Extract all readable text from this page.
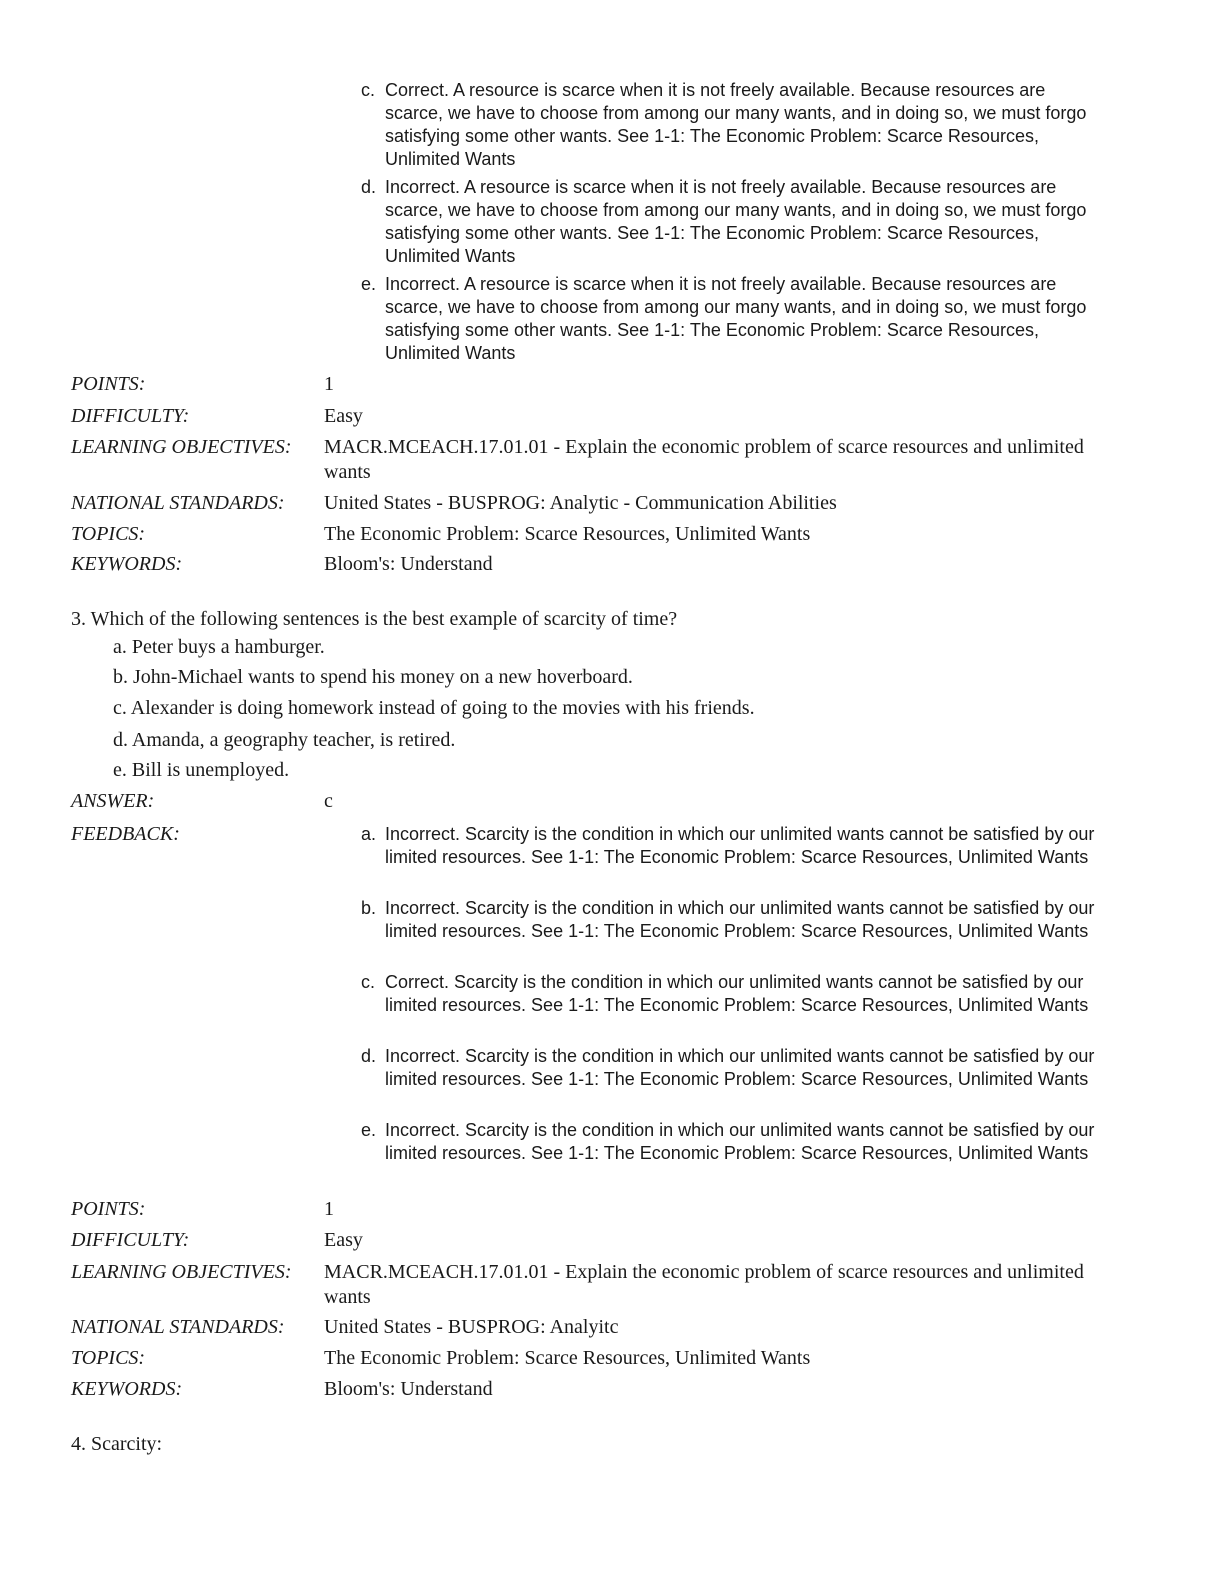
c. Correct. A resource is scarce when it is not freely available. Because resources are scarce, we have to choose from among our many wants, and in doing so, we must forgo satisfying some other wants. See 1-1: The Economic Problem: Scarce Resources, Unlimited Wants
d. Incorrect. A resource is scarce when it is not freely available. Because resources are scarce, we have to choose from among our many wants, and in doing so, we must forgo satisfying some other wants. See 1-1: The Economic Problem: Scarce Resources, Unlimited Wants
e. Incorrect. A resource is scarce when it is not freely available. Because resources are scarce, we have to choose from among our many wants, and in doing so, we must forgo satisfying some other wants. See 1-1: The Economic Problem: Scarce Resources, Unlimited Wants
POINTS:	1
DIFFICULTY:	Easy
LEARNING OBJECTIVES: MACR.MCEACH.17.01.01 - Explain the economic problem of scarce resources and unlimited wants
NATIONAL STANDARDS: United States - BUSPROG: Analytic - Communication Abilities
TOPICS:	The Economic Problem: Scarce Resources, Unlimited Wants
KEYWORDS:	Bloom's: Understand
3. Which of the following sentences is the best example of scarcity of time?
a. Peter buys a hamburger.
b. John-Michael wants to spend his money on a new hoverboard.
c. Alexander is doing homework instead of going to the movies with his friends.
d. Amanda, a geography teacher, is retired.
e. Bill is unemployed.
ANSWER:	c
FEEDBACK:	a. Incorrect. Scarcity is the condition in which our unlimited wants cannot be satisfied by our limited resources. See 1-1: The Economic Problem: Scarce Resources, Unlimited Wants
b. Incorrect. Scarcity is the condition in which our unlimited wants cannot be satisfied by our limited resources. See 1-1: The Economic Problem: Scarce Resources, Unlimited Wants
c. Correct. Scarcity is the condition in which our unlimited wants cannot be satisfied by our limited resources. See 1-1: The Economic Problem: Scarce Resources, Unlimited Wants
d. Incorrect. Scarcity is the condition in which our unlimited wants cannot be satisfied by our limited resources. See 1-1: The Economic Problem: Scarce Resources, Unlimited Wants
e. Incorrect. Scarcity is the condition in which our unlimited wants cannot be satisfied by our limited resources. See 1-1: The Economic Problem: Scarce Resources, Unlimited Wants
POINTS:	1
DIFFICULTY:	Easy
LEARNING OBJECTIVES: MACR.MCEACH.17.01.01 - Explain the economic problem of scarce resources and unlimited wants
NATIONAL STANDARDS: United States - BUSPROG: Analyitc
TOPICS:	The Economic Problem: Scarce Resources, Unlimited Wants
KEYWORDS:	Bloom's: Understand
4. Scarcity:
